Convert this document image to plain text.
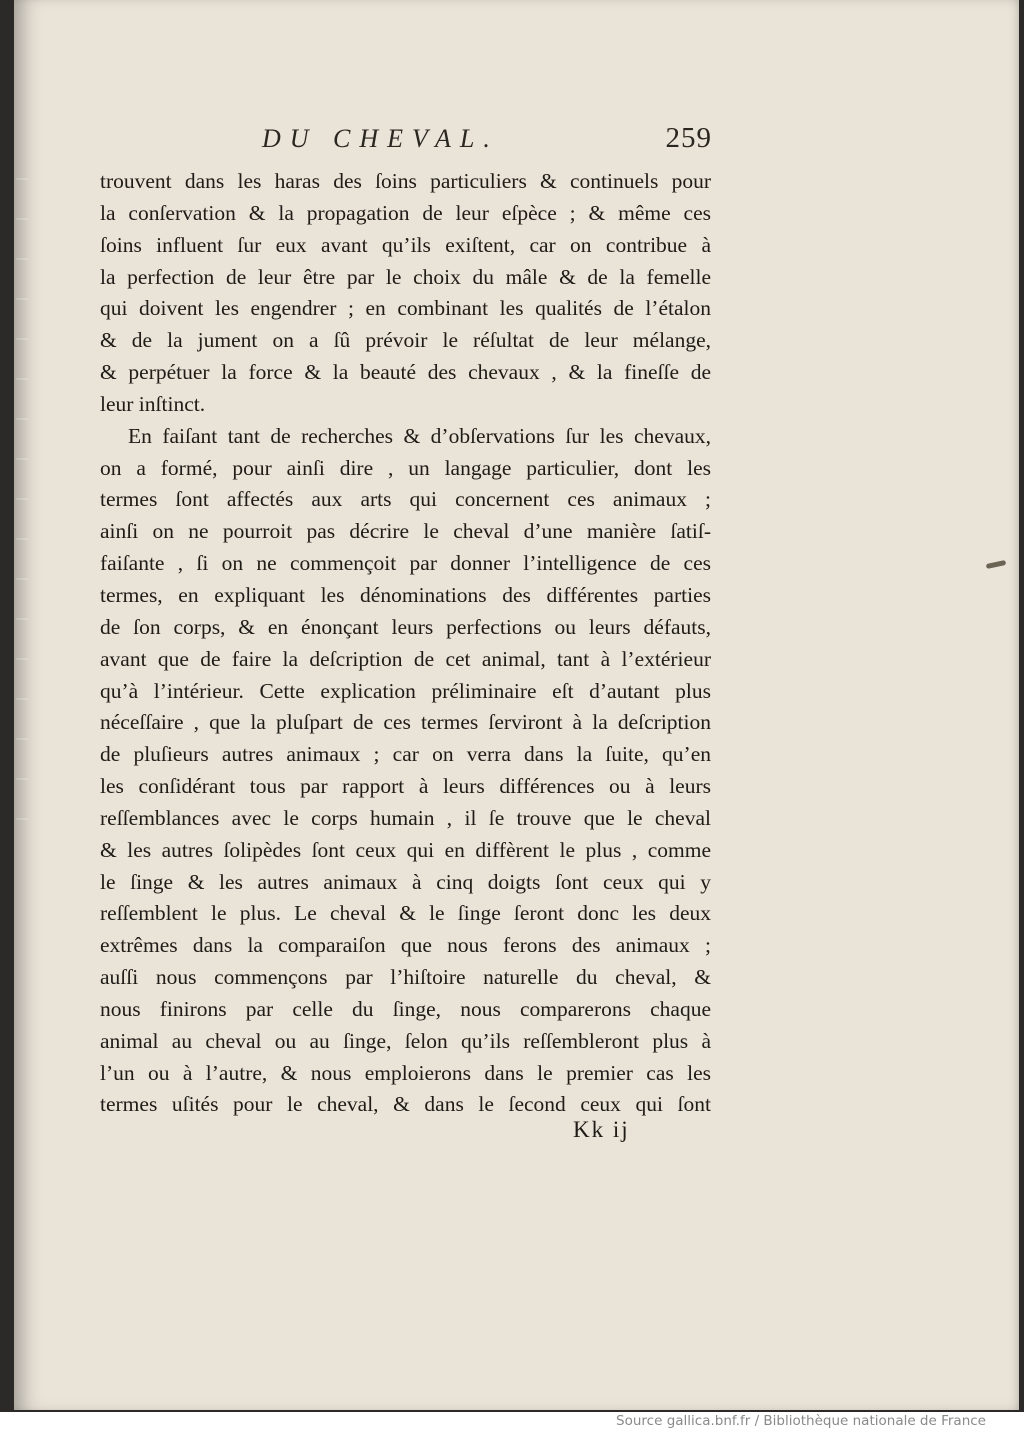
DU CHEVAL.	259
trouvent dans les haras des ſoins particuliers & continuels pour
la conſervation & la propagation de leur eſpèce ; & même ces
ſoins influent ſur eux avant qu’ils exiſtent, car on contribue à
la perfection de leur être par le choix du mâle & de la femelle
qui doivent les engendrer ; en combinant les qualités de l’étalon
& de la jument on a ſû prévoir le réſultat de leur mélange,
& perpétuer la force & la beauté des chevaux , & la fineſſe de
leur inſtinct.
En faiſant tant de recherches & d’obſervations ſur les chevaux,
on a formé, pour ainſi dire , un langage particulier, dont les
termes ſont affectés aux arts qui concernent ces animaux ;
ainſi on ne pourroit pas décrire le cheval d’une manière ſatiſ-
faiſante , ſi on ne commençoit par donner l’intelligence de ces
termes, en expliquant les dénominations des différentes parties
de ſon corps, & en énonçant leurs perfections ou leurs défauts,
avant que de faire la deſcription de cet animal, tant à l’extérieur
qu’à l’intérieur. Cette explication préliminaire eſt d’autant plus
néceſſaire , que la pluſpart de ces termes ſerviront à la deſcription
de pluſieurs autres animaux ; car on verra dans la ſuite, qu’en
les conſidérant tous par rapport à leurs différences ou à leurs
reſſemblances avec le corps humain , il ſe trouve que le cheval
& les autres ſolipèdes ſont ceux qui en diffèrent le plus , comme
le ſinge & les autres animaux à cinq doigts ſont ceux qui y
reſſemblent le plus. Le cheval & le ſinge ſeront donc les deux
extrêmes dans la comparaiſon que nous ferons des animaux ;
auſſi nous commençons par l’hiſtoire naturelle du cheval, &
nous finirons par celle du ſinge, nous comparerons chaque
animal au cheval ou au ſinge, ſelon qu’ils reſſembleront plus à
l’un ou à l’autre, & nous emploierons dans le premier cas les
termes uſités pour le cheval, & dans le ſecond ceux qui ſont
Kk ij
Source gallica.bnf.fr / Bibliothèque nationale de France
